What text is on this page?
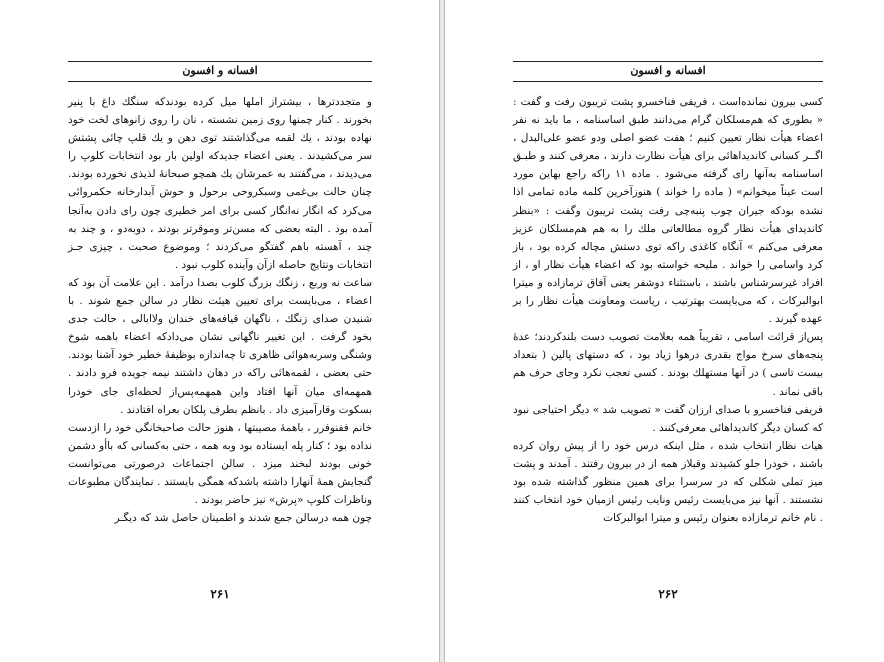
افسانه و افسون

و متجددترها ، بیشتراز املها میل کرده بودندکه سنگك داغ با پنیر بخورند . کنار چمنها روی زمین نشسته ، نان را روی زانوهای لخت خود نهاده بودند ، یك لقمه می‌گذاشتند توی دهن و یك قلپ چائی پشتش سر می‌کشیدند . یعنی اعضاء جدیدکه اولین بار بود انتخابات کلوپ را می‌دیدند ، می‌گفتند به عمرشان یك همچو صبحانهٔ لذیذی نخورده بودند. چنان حالت بی‌غمی وسبکروحی برحول و حوش آبدارخانه حکمروائی می‌کرد که انگار نه‌انگار کسی برای امر خطیری چون رای دادن به‌آنجا آمده بود . البته بعضی که مسن‌تر وموقرتر بودند ، دوبه‌دو ، و چند به چند ، آهسته باهم گفتگو می‌کردند ؛ وموضوع صحبت ، چیزی جـز انتخابات ونتایج حاصله ازآن وآینده کلوب نبود .

ساعت نه وربع ، زنگك بزرگ كلوب بصدا درآمد . این علامت آن بود که اعضاء ، می‌بایست برای تعیین هیئت نظار در سالن جمع شوند . با شنیدن صدای زنگك ، ناگهان قیافه‌های خندان ولاابالی ، حالت جدی بخود گرفت . این تغییر ناگهانی نشان می‌دادکه اعضاء باهمه شوخ وشنگی وسربه‌هوائی ظاهری تا چه‌اندازه بوظیفهٔ خطیر خود آشنا بودند. حتی بعضی ، لقمه‌هائی راکه در دهان داشتند نیمه جویده فرو دادند . همهمه‌ای میان آنها افتاد واین همهمه‌پس‌از لحظه‌ای جای خودرا بسکوت وقارآمیزی داد . بانظم بطرف پلکان بعراه افتادند .

خانم ففنوفرر ، باهمهٔ مصیبتها ، هنوز حالت صاحبخانگی خود را ازدست نداده بود ؛ کنار پله ایستاده بود وبه همه ، حتی به‌کسانی که باأو دشمن خونی بودند لبخند میزد . سالن اجتماعات درصورتی می‌توانست گنجایش همهٔ آنهارا داشته باشدکه همگی بایستند . نمایندگان مطبوعات وناظرات کلوپ «پرش» نیز حاضر بودند .

چون همه درسالن جمع شدند و اطمینان حاصل شد که دیگـر

۲۶۱
افسانه و افسون

کسی بیرون نمانده‌است ، فریفی فناخسرو پشت تریبون رفت و گفت : « بطوری که هم‌مسلکان گرام می‌دانند طبق اساسنامه ، ما باید نه نفر اعضاء هیأت نظار تعیین کنیم ؛ هفت عضو اصلی ودو عضو علی‌البدل ، اگــر کسانی کاندیداهائی برای هیأت نظارت دارند ، معرفی کنند و طبـق اساسنامه به‌آنها رای گرفته می‌شود . ماده ۱۱ راکه راجع بهاین مورد است عیناً میخوانم» ( ماده را خواند ) هنوزآخرین کلمه ماده تمامی اذا نشده بودکه جیران چوب پنبه‌چی رفت پشت تریبون وگفت : «بنظر کاندیدای هیأت نظار گروه مطالعاتی ملك را به هم هم‌مسلکان عزیز معرفی می‌کنم » آنگاه کاغذی راکه توی دستش مچاله کرده بود ، باز کرد واسامی را خواند . ملیحه خواسته بود که اعضاء هیأت نظار او ، از افراد غیرسرشناس باشند ، باستثناء دوشفر یعنی آفاق ترمازاده و میترا ابوالبرکات ، که می‌بایست بهترتیب ، ریاست ومعاونت هیأت نظار را بر عهده گیرند .

پس‌از قرائت اسامی ، تقریباً همه بعلامت تصویب دست بلندکردند؛ عدهٔ پنجه‌های سرخ مواج بقدری درهوا زیاد بود ، که دستهای پالین ( بتعداد بیست تاسی ) در آنها مستهلك بودند . کسی تعجب نکرد وجای حرف هم باقی نماند .

فریفی فناخسرو با صدای ارزان گفت « تصویب شد » دیگر احتیاجی نبود که کسان دیگر کاندیداهائی معرفی‌کنند .

هیات نظار انتخاب شده ، مثل اینکه درس خود را از پیش روان کرده باشند ، خودرا جلو کشیدند وقبلاز همه از در بیرون رفتند . آمدند و پشت میز تملی شکلی که در سرسرا برای همین منظور گذاشته شده بود نشستند . آنها نیز می‌بایست رئیس ونایب رئیس ازمیان خود انتخاب کنند . نام خانم ترمازاده بعنوان رئیس و میترا ابوالبرکات

۲۶۲
